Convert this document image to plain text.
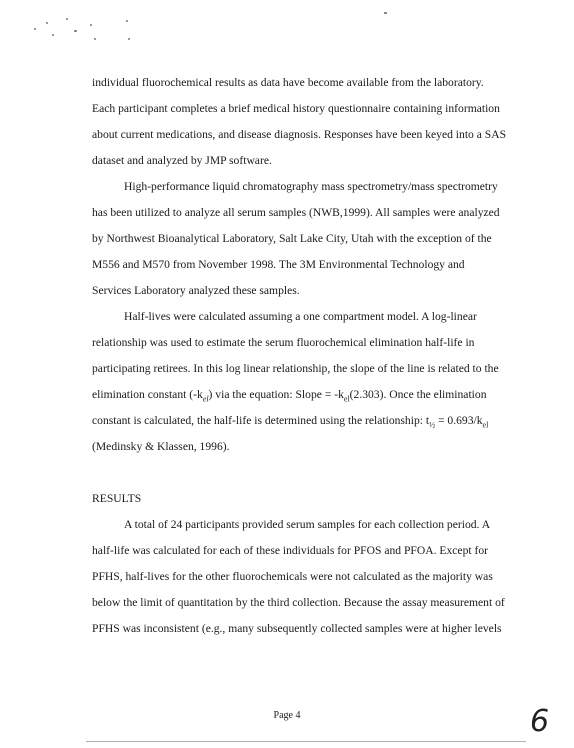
individual fluorochemical results as data have become available from the laboratory.
Each participant completes a brief medical history questionnaire containing information
about current medications, and disease diagnosis. Responses have been keyed into a SAS
dataset and analyzed by JMP software.
High-performance liquid chromatography mass spectrometry/mass spectrometry
has been utilized to analyze all serum samples (NWB,1999). All samples were analyzed
by Northwest Bioanalytical Laboratory, Salt Lake City, Utah with the exception of the
M556 and M570 from November 1998. The 3M Environmental Technology and
Services Laboratory analyzed these samples.
Half-lives were calculated assuming a one compartment model. A log-linear
relationship was used to estimate the serum fluorochemical elimination half-life in
participating retirees. In this log linear relationship, the slope of the line is related to the
elimination constant $(-k_{el})$ via the equation: Slope = $-k_{el}(2.303)$. Once the elimination
constant is calculated, the half-life is determined using the relationship: $t_{\frac{1}{2}} = 0.693/k_{el}$
(Medinsky & Klassen, 1996).
RESULTS
A total of 24 participants provided serum samples for each collection period. A
half-life was calculated for each of these individuals for PFOS and PFOA. Except for
PFHS, half-lives for the other fluorochemicals were not calculated as the majority was
below the limit of quantitation by the third collection. Because the assay measurement of
PFHS was inconsistent (e.g., many subsequently collected samples were at higher levels
Page 4	6
